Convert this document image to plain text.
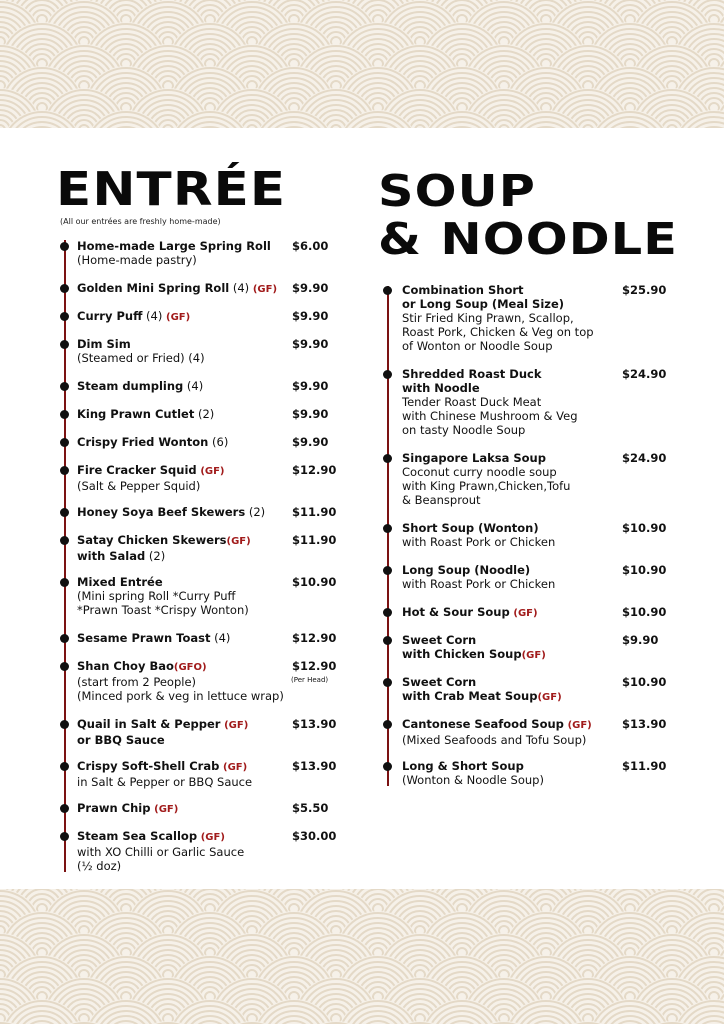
ENTRÉE
(All our entrées are freshly home-made)
Home-made Large Spring Roll
(Home-made pastry)
$6.00
Golden Mini Spring Roll (4) (GF)	$9.90
Curry Puff (4) (GF)	$9.90
Dim Sim
(Steamed or Fried) (4)
$9.90
Steam dumpling (4)	$9.90
King Prawn Cutlet (2)	$9.90
Crispy Fried Wonton (6)	$9.90
Fire Cracker Squid (GF)
(Salt & Pepper Squid)
$12.90
Honey Soya Beef Skewers (2)	$11.90
Satay Chicken Skewers(GF)
with Salad (2)
$11.90
Mixed Entrée
(Mini spring Roll *Curry Puff
*Prawn Toast *Crispy Wonton)
$10.90
Sesame Prawn Toast (4)	$12.90
Shan Choy Bao(GFO)
(start from 2 People)
(Minced pork & veg in lettuce wrap)
$12.90
(Per Head)
Quail in Salt & Pepper (GF)
or BBQ Sauce
$13.90
Crispy Soft-Shell Crab (GF)
in Salt & Pepper or BBQ Sauce
$13.90
Prawn Chip (GF)	$5.50
Steam Sea Scallop (GF)
with XO Chilli or Garlic Sauce
(½ doz)
$30.00
SOUP
& NOODLE
Combination Short
or Long Soup (Meal Size)
Stir Fried King Prawn, Scallop,
Roast Pork, Chicken & Veg on top
of Wonton or Noodle Soup
$25.90
Shredded Roast Duck
with Noodle
Tender Roast Duck Meat
with Chinese Mushroom & Veg
on tasty Noodle Soup
$24.90
Singapore Laksa Soup
Coconut curry noodle soup
with King Prawn,Chicken,Tofu
& Beansprout
$24.90
Short Soup (Wonton)
with Roast Pork or Chicken
$10.90
Long Soup (Noodle)
with Roast Pork or Chicken
$10.90
Hot & Sour Soup (GF)	$10.90
Sweet Corn
with Chicken Soup(GF)
$9.90
Sweet Corn
with Crab Meat Soup(GF)
$10.90
Cantonese Seafood Soup (GF)
(Mixed Seafoods and Tofu Soup)
$13.90
Long & Short Soup
(Wonton & Noodle Soup)
$11.90
